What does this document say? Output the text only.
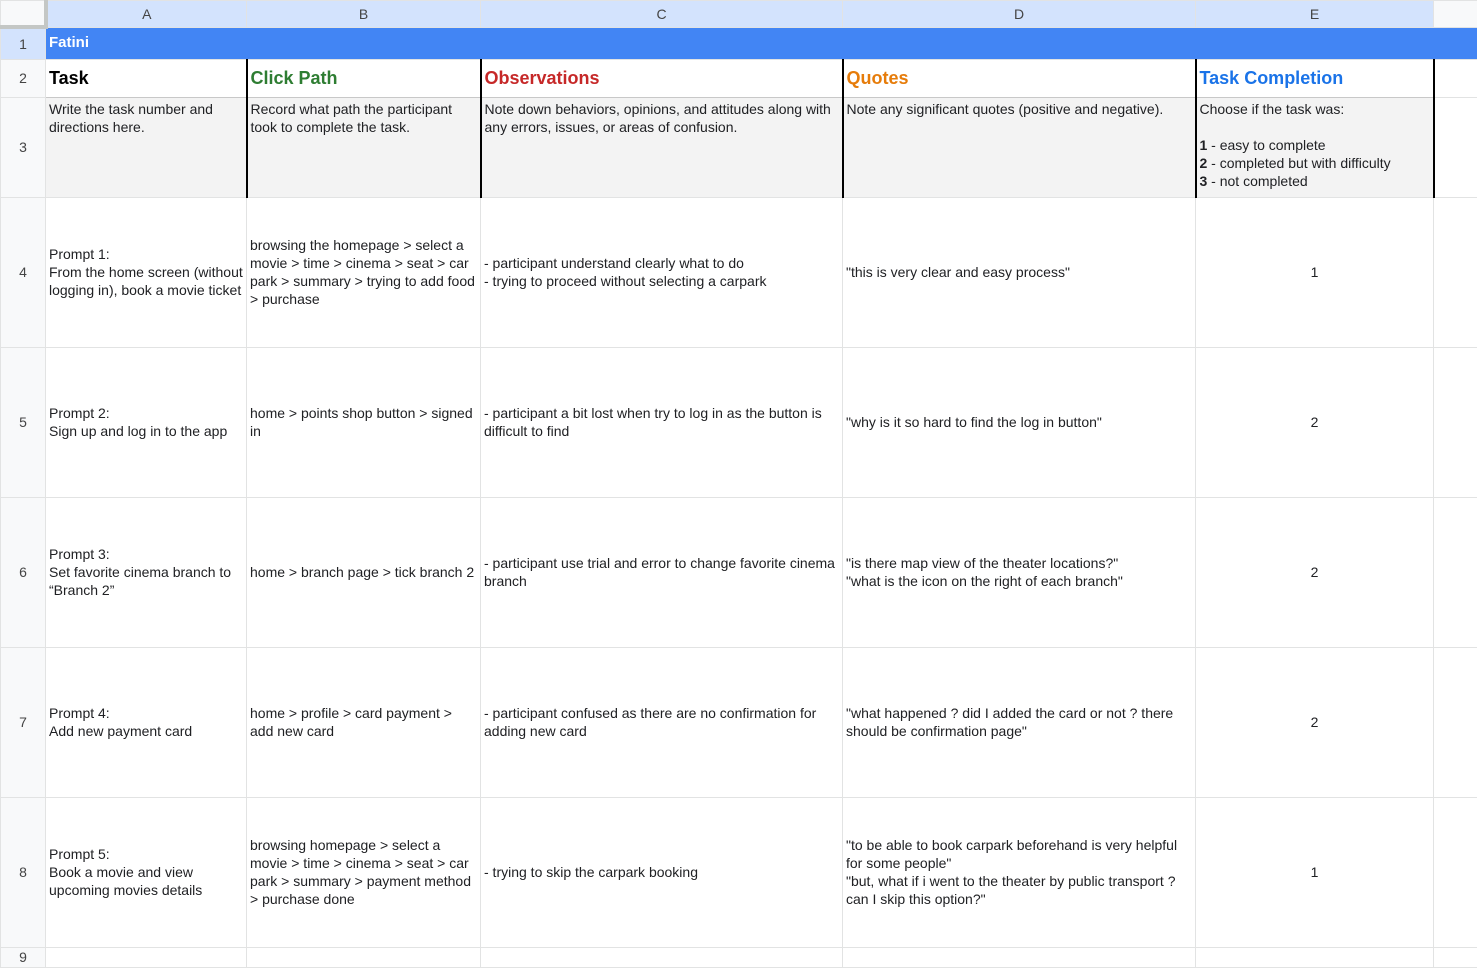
	A	B	C	D	E	
1	Fatini					

2	Task	Click Path	Observations	Quotes	Task Completion	

3	Write the task number and directions here.	Record what path the participant took to complete the task.	Note down behaviors, opinions, and attitudes along with any errors, issues, or areas of confusion.	Note any significant quotes (positive and negative).	Choose if the task was:

1 - easy to complete
2 - completed but with difficulty
3 - not completed	

4	Prompt 1:
From the home screen (without logging in), book a movie ticket	browsing the homepage > select a movie > time > cinema > seat > car park > summary > trying to add food > purchase	- participant understand clearly what to do
- trying to proceed without selecting a carpark	"this is very clear and easy process"	1	

5	Prompt 2:
Sign up and log in to the app	home > points shop button > signed in	- participant a bit lost when try to log in as the button is difficult to find	"why is it so hard to find the log in button"	2	

6	Prompt 3:
Set favorite cinema branch to “Branch 2”	home > branch page > tick branch 2	- participant use trial and error to change favorite cinema branch	"is there map view of the theater locations?"
"what is the icon on the right of each branch"	2	

7	Prompt 4:
Add new payment card	home > profile > card payment > add new card	- participant confused as there are no confirmation for adding new card	"what happened ? did I added the card or not ? there should be confirmation page"	2	

8	Prompt 5:
Book a movie and view upcoming movies details	browsing homepage > select a movie > time > cinema > seat > car park > summary > payment method > purchase done	- trying to skip the carpark booking	"to be able to book carpark beforehand is very helpful for some people"
"but, what if i went to the theater by public transport ? can I skip this option?"	1	

9						
